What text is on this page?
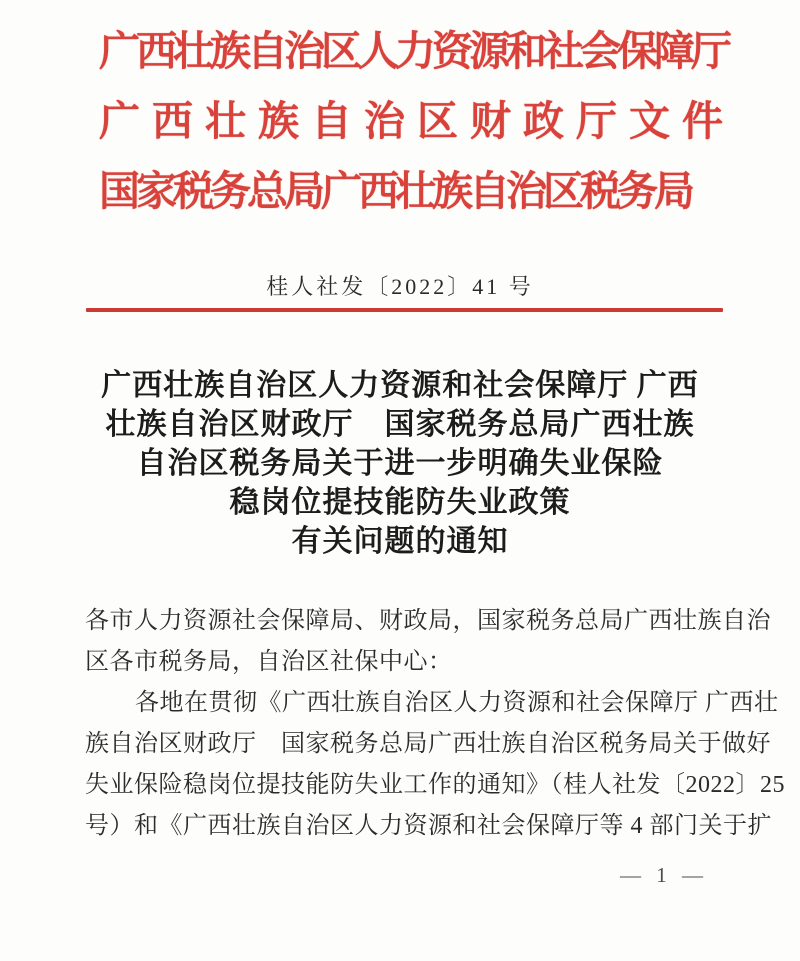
广西壮族自治区人力资源和社会保障厅
广西壮族自治区财政厅文件
国家税务总局广西壮族自治区税务局
桂人社发〔2022〕41 号
广西壮族自治区人力资源和社会保障厅 广西
壮族自治区财政厅　国家税务总局广西壮族
自治区税务局关于进一步明确失业保险
稳岗位提技能防失业政策
有关问题的通知
各市人力资源社会保障局、财政局，国家税务总局广西壮族自治
区各市税务局，自治区社保中心：
各地在贯彻《广西壮族自治区人力资源和社会保障厅 广西壮
族自治区财政厅　国家税务总局广西壮族自治区税务局关于做好
失业保险稳岗位提技能防失业工作的通知》（桂人社发〔2022〕25
号）和《广西壮族自治区人力资源和社会保障厅等 4 部门关于扩
— 1 —
